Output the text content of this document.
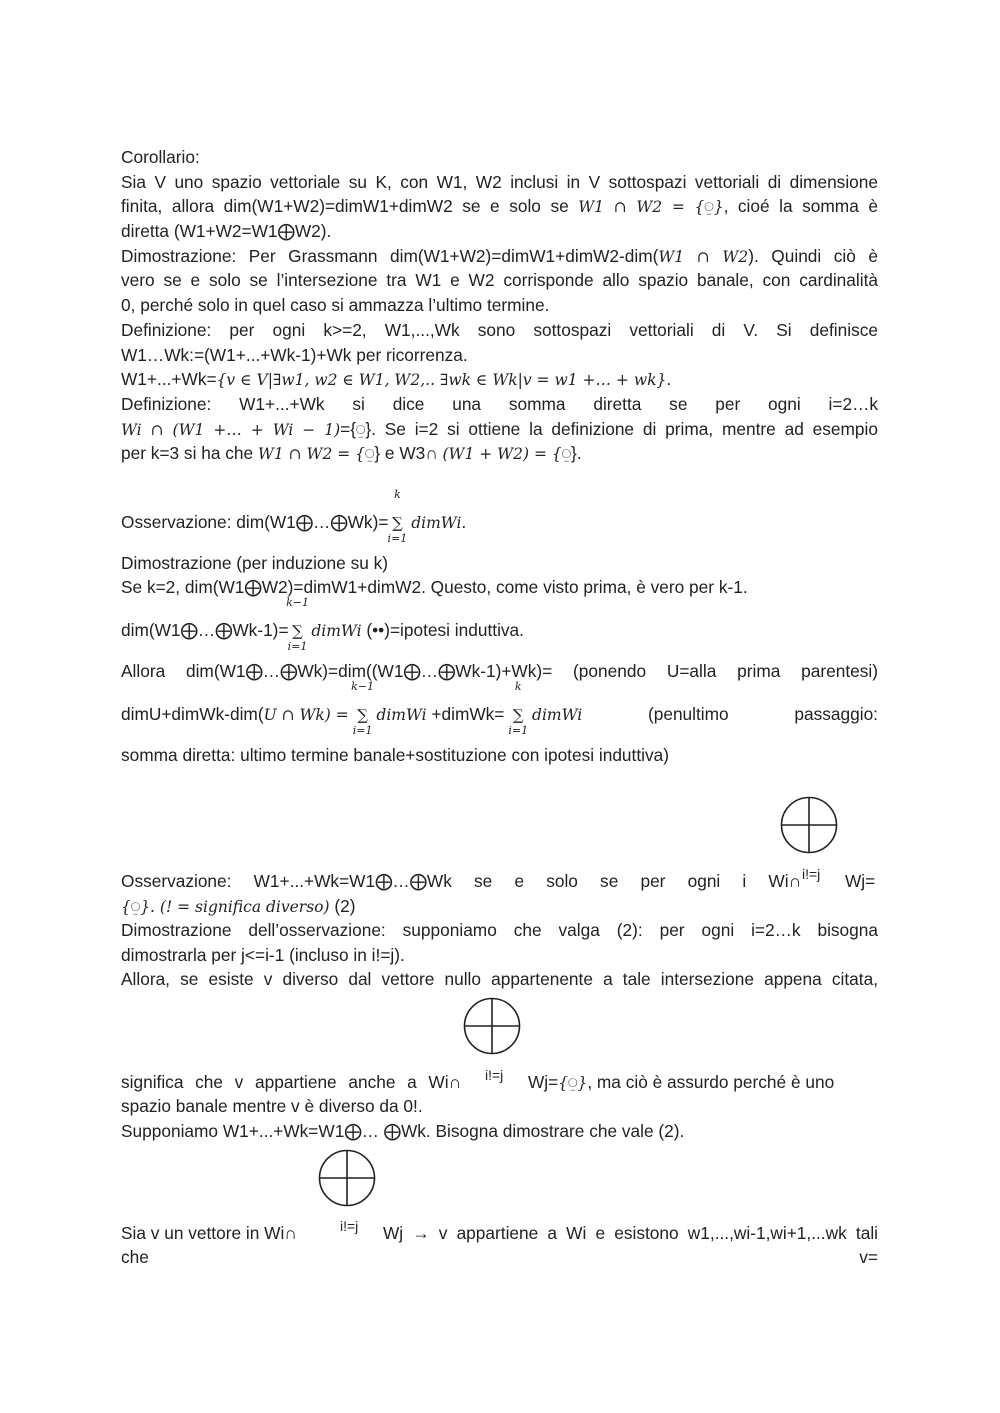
Corollario:
Sia V uno spazio vettoriale su K, con W1, W2 inclusi in V sottospazi vettoriali di dimensione
finita, allora dim(W1+W2)=dimW1+dimW2 se e solo se W1 ∩ W2 = {⍜}, cioé la somma è
diretta (W1+W2=W1⨁W2).
Dimostrazione: Per Grassmann dim(W1+W2)=dimW1+dimW2-dim(W1 ∩ W2). Quindi ciò è
vero se e solo se l’intersezione tra W1 e W2 corrisponde allo spazio banale, con cardinalità
0, perché solo in quel caso si ammazza l’ultimo termine.
Definizione: per ogni k>=2, W1,...,Wk sono sottospazi vettoriali di V. Si definisce
W1…Wk:=(W1+...+Wk-1)+Wk per ricorrenza.
W1+...+Wk={v ∈ V|∃w1, w2 ∈ W1, W2,.. ∃wk ∈ Wk|v = w1 +… + wk}.
Definizione: W1+...+Wk si dice una somma diretta se per ogni i=2…k
Wi ∩ (W1 +… + Wi − 1)={⍜}. Se i=2 si ottiene la definizione di prima, mentre ad esempio
per k=3 si ha che W1 ∩ W2 = {⍜} e W3∩ (W1 + W2) = {⍜}.
Osservazione: dim(W1⨁…⨁Wk)= ∑
k
i=1
dimWi.
Dimostrazione (per induzione su k)
Se k=2, dim(W1⨁W2)=dimW1+dimW2. Questo, come visto prima, è vero per k-1.
dim(W1⨁…⨁Wk-1)= ∑
k−1
i=1
dimWi (••)=ipotesi induttiva.
Allora dim(W1⨁…⨁Wk)=dim((W1⨁…⨁Wk-1)+Wk)= (ponendo U=alla prima parentesi)
dimU+dimWk-dim(U ∩ Wk) = ∑
k−1
i=1
dimWi +dimWk= ∑
k
i=1
dimWi	(penultimo	passaggio:
somma diretta: ultimo termine banale+sostituzione con ipotesi induttiva)
i!=j
Osservazione: W1+...+Wk=W1⨁…⨁Wk se e solo se per ogni i Wi∩	Wj=
{⍜}. (! = significa diverso) (2)
Dimostrazione dell’osservazione: supponiamo che valga (2): per ogni i=2…k bisogna
dimostrarla per j<=i-1 (incluso in i!=j).
Allora, se esiste v diverso dal vettore nullo appartenente a tale intersezione appena citata,
i!=j
significa che v appartiene anche a Wi∩	Wj={⍜}, ma ciò è assurdo perché è uno
spazio banale mentre v è diverso da 0!.
Supponiamo W1+...+Wk=W1⨁… ⨁Wk. Bisogna dimostrare che vale (2).
i!=j
Sia v un vettore in Wi∩	Wj → v appartiene a Wi e esistono w1,...,wi-1,wi+1,...wk tali
che	v=
